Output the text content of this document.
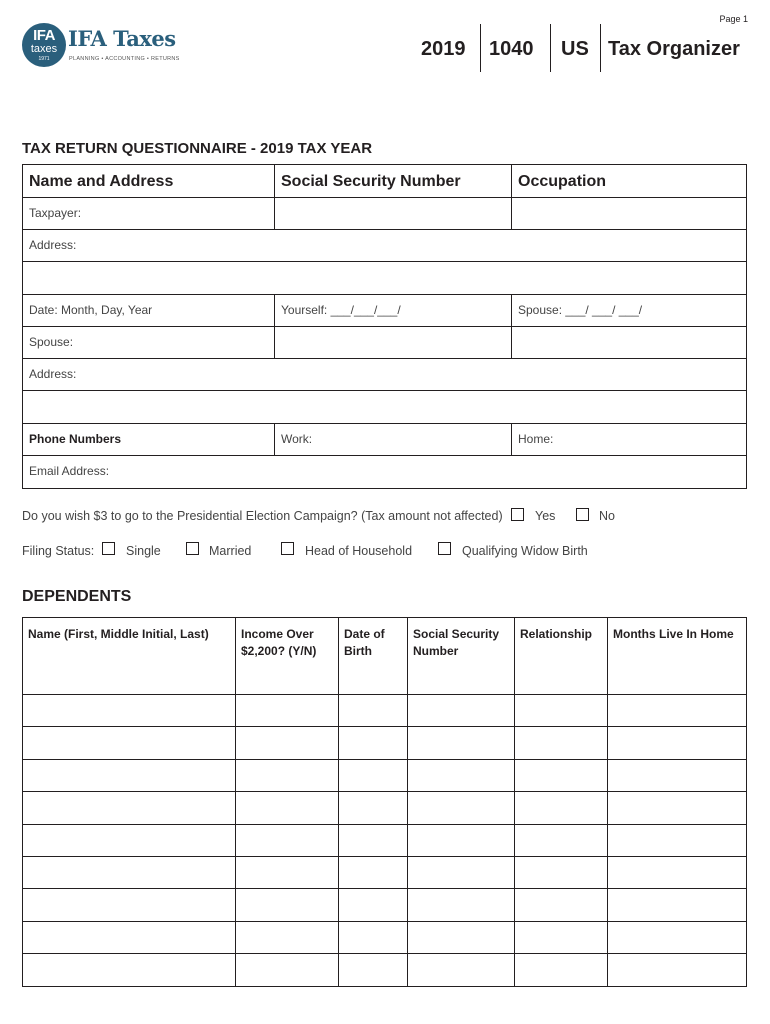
Page 1
IFA
taxes
1971
IFA Taxes
PLANNING • ACCOUNTING • RETURNS	2019 1040 US Tax Organizer
TAX RETURN QUESTIONNAIRE - 2019 TAX YEAR
Name and Address	Social Security Number	Occupation
Taxpayer:
Address:
Date: Month, Day, Year	Yourself: ___/___/___/	Spouse: ___/ ___/ ___/
Spouse:
Address:
Phone Numbers	Work:	Home:
Email Address:
Do you wish $3 to go to the Presidential Election Campaign? (Tax amount not affected)	Yes	No
Filing Status:	Single	Married	Head of Household	Qualifying Widow Birth
DEPENDENTS
Name (First, Middle Initial, Last)	Income Over $2,200? (Y/N)	Date of Birth	Social Security Number	Relationship	Months Live In Home
